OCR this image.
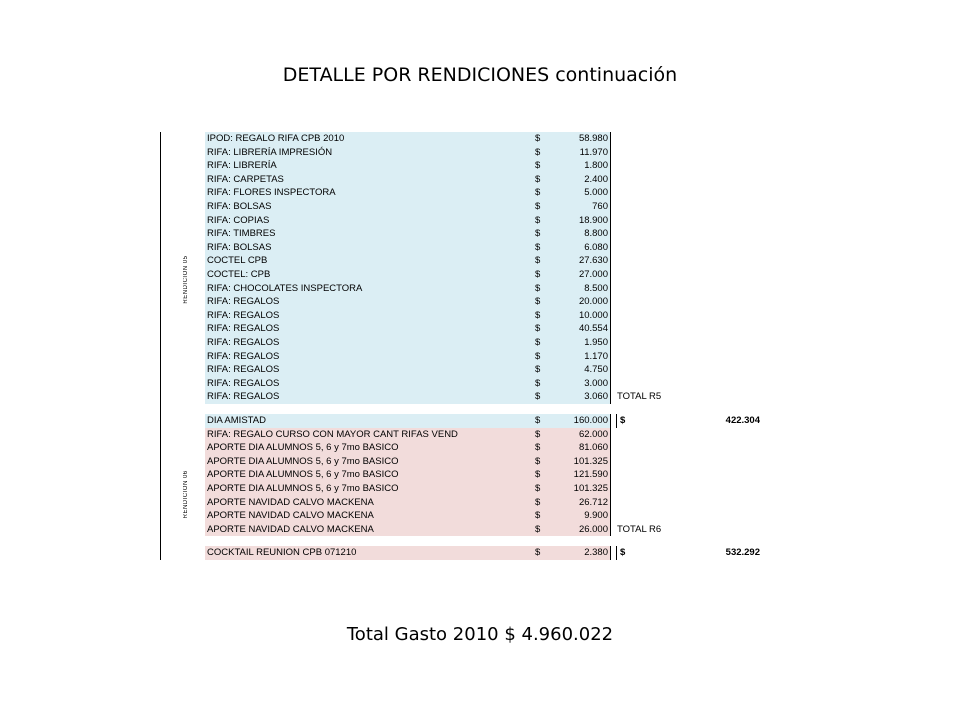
DETALLE POR RENDICIONES continuación
IPOD: REGALO RIFA CPB 2010	$	58.980
RIFA: LIBRERÍA IMPRESIÓN	$	11.970
RIFA: LIBRERÍA	$	1.800
RIFA: CARPETAS	$	2.400
RIFA: FLORES INSPECTORA	$	5.000
RIFA: BOLSAS	$	760
RIFA: COPIAS	$	18.900
RIFA: TIMBRES	$	8.800
RIFA: BOLSAS	$	6.080
COCTEL CPB	$	27.630
COCTEL: CPB	$	27.000
RIFA: CHOCOLATES INSPECTORA	$	8.500
RIFA: REGALOS	$	20.000
RIFA: REGALOS	$	10.000
RIFA: REGALOS	$	40.554
RIFA: REGALOS	$	1.950
RIFA: REGALOS	$	1.170
RIFA: REGALOS	$	4.750
RIFA: REGALOS	$	3.000
RIFA: REGALOS	$	3.060 TOTAL R5
DIA AMISTAD	$	160.000	$	422.304
RENDICION 05
RIFA: REGALO CURSO CON MAYOR CANT RIFAS VEND	$	62.000
APORTE DIA ALUMNOS 5, 6 y 7mo BASICO	$	81.060
APORTE DIA ALUMNOS 5, 6 y 7mo BASICO	$	101.325
APORTE DIA ALUMNOS 5, 6 y 7mo BASICO	$	121.590
APORTE DIA ALUMNOS 5, 6 y 7mo BASICO	$	101.325
APORTE NAVIDAD CALVO MACKENA	$	26.712
APORTE NAVIDAD CALVO MACKENA	$	9.900
APORTE NAVIDAD CALVO MACKENA	$	26.000 TOTAL R6
COCKTAIL REUNION CPB 071210	$	2.380	$	532.292
RENDICION 06
Total Gasto 2010 $ 4.960.022
